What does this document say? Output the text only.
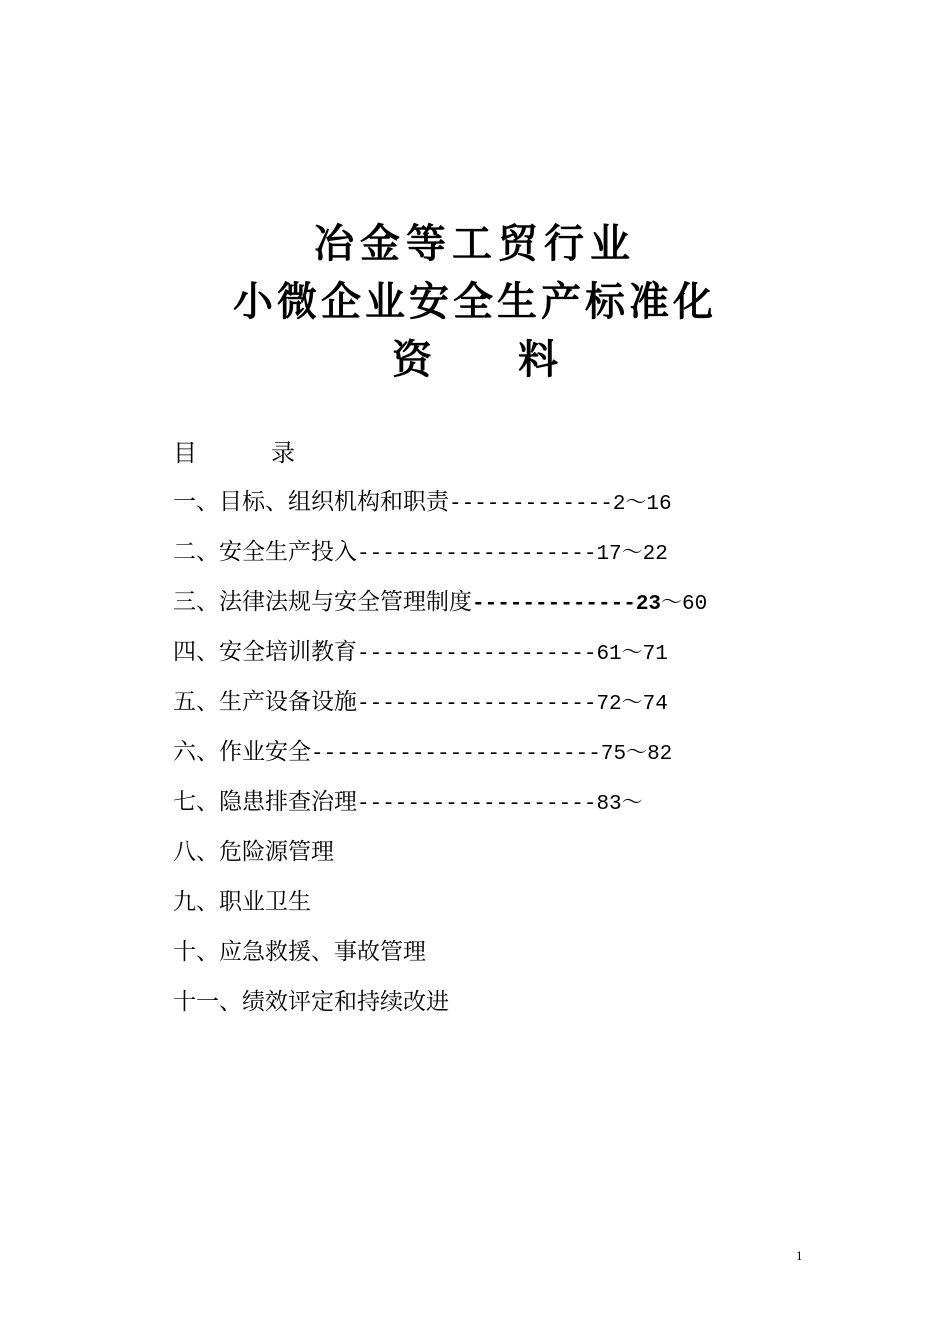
冶金等工贸行业
小微企业安全生产标准化
资 料
目	录
一、目标、组织机构和职责-------------2～16
二、安全生产投入-------------------17～22
三、法律法规与安全管理制度-------------23～60
四、安全培训教育-------------------61～71
五、生产设备设施-------------------72～74
六、作业安全-----------------------75～82
七、隐患排查治理-------------------83～
八、危险源管理
九、职业卫生
十、应急救援、事故管理
十一、绩效评定和持续改进
1
